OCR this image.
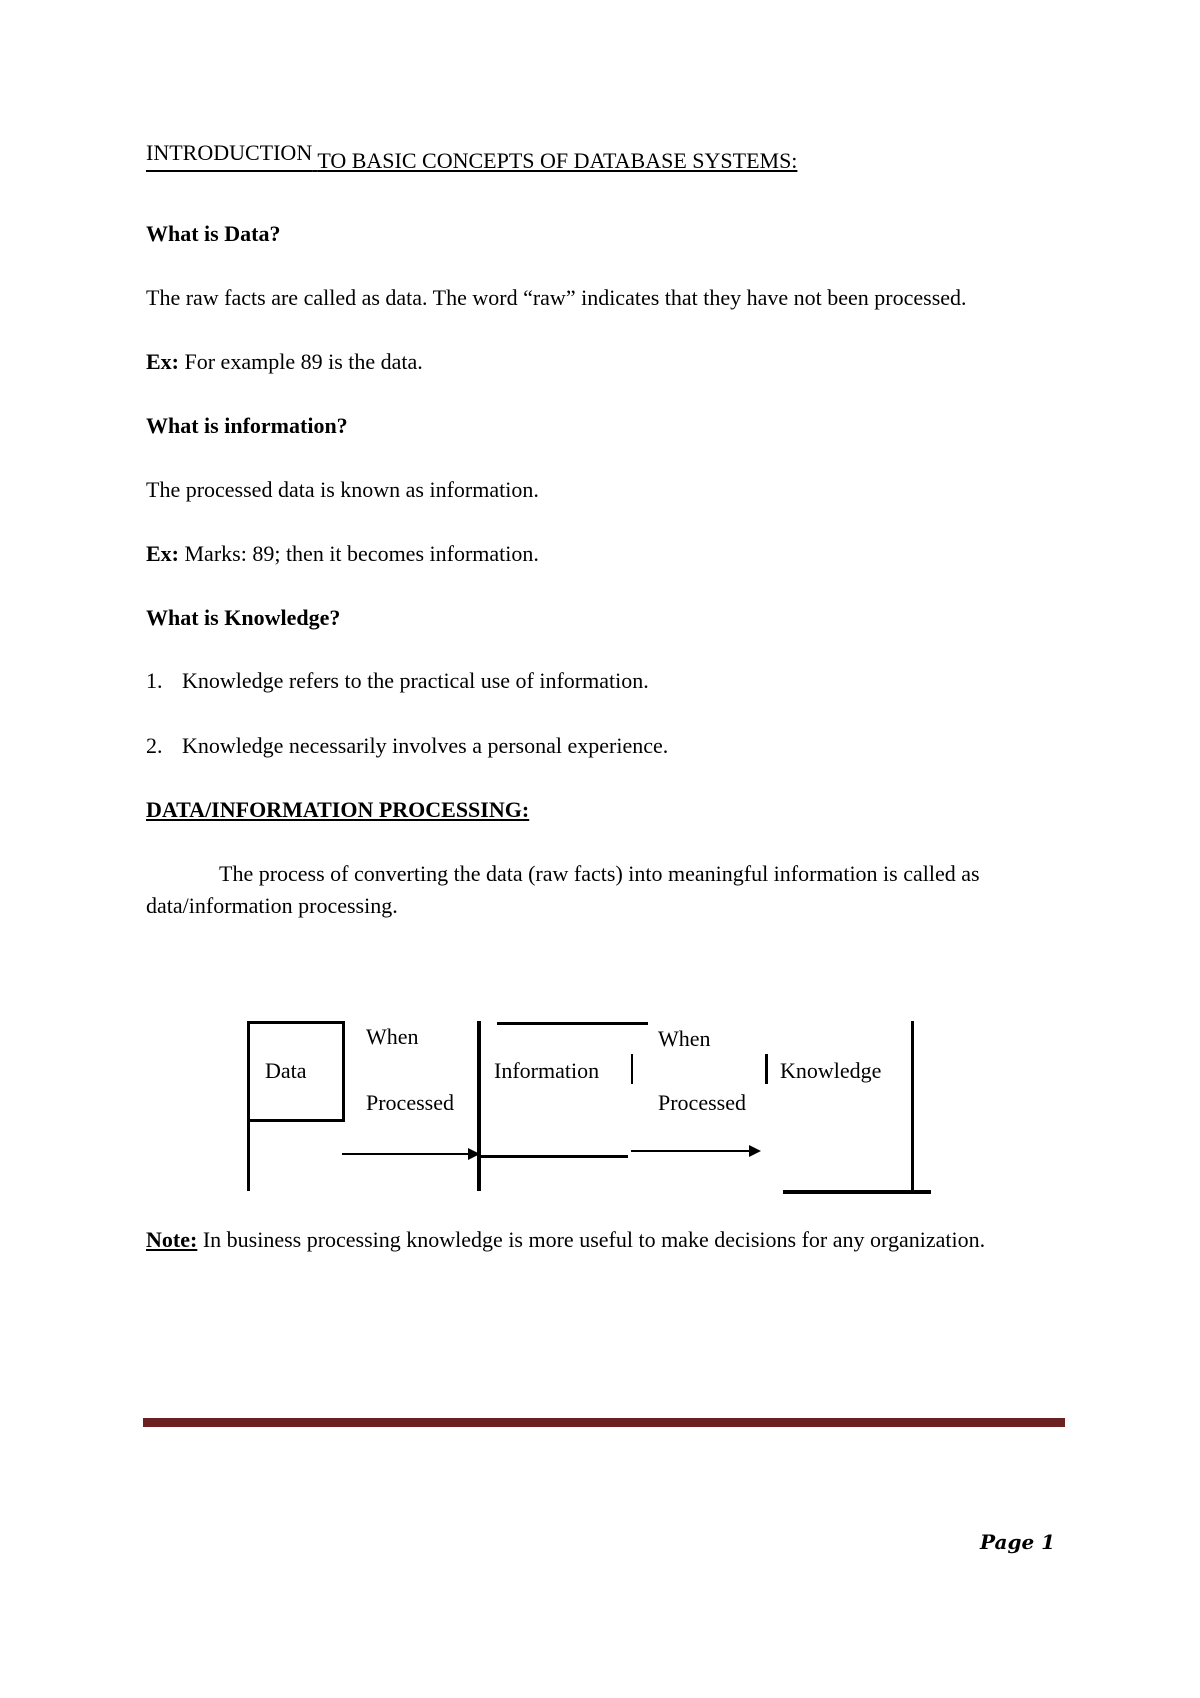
INTRODUCTION TO BASIC CONCEPTS OF DATABASE SYSTEMS:
What is Data?
The raw facts are called as data. The word “raw” indicates that they have not been processed.
Ex: For example 89 is the data.
What is information?
The processed data is known as information.
Ex: Marks: 89; then it becomes information.
What is Knowledge?
1. Knowledge refers to the practical use of information.
2. Knowledge necessarily involves a personal experience.
DATA/INFORMATION PROCESSING:
The process of converting the data (raw facts) into meaningful information is called as data/information processing.
Data
When
Processed
Information
When
Processed
Knowledge
Note: In business processing knowledge is more useful to make decisions for any organization.
Page 1
